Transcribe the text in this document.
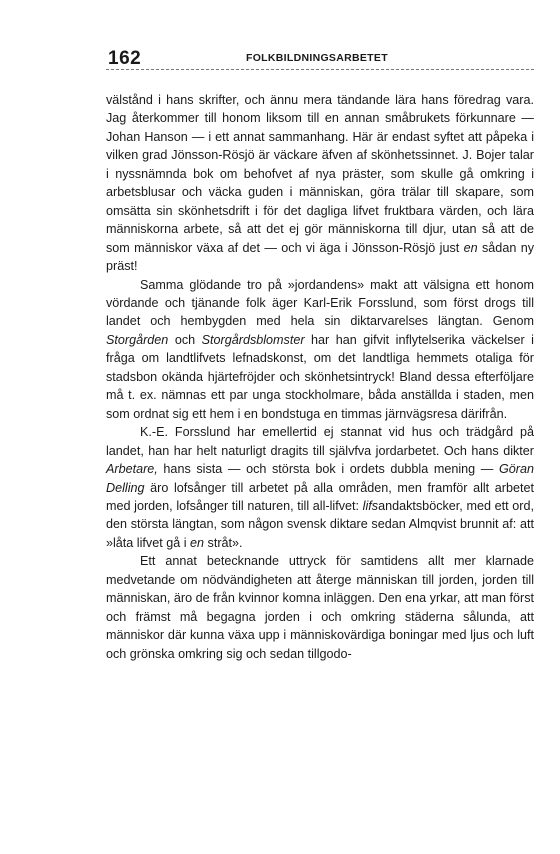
162	FOLKBILDNINGSARBETET

välstånd i hans skrifter, och ännu mera tändande lära hans föredrag vara. Jag återkommer till honom liksom till en annan småbrukets förkunnare — Johan Hanson — i ett annat sammanhang. Här är endast syftet att påpeka i vilken grad Jönsson-Rösjö är väckare äfven af skönhetssinnet. J. Bojer talar i nyssnämnda bok om behofvet af nya präster, som skulle gå omkring i arbetsblusar och väcka guden i människan, göra trälar till skapare, som omsätta sin skönhetsdrift i för det dagliga lifvet fruktbara värden, och lära människorna arbete, så att det ej gör människorna till djur, utan så att de som människor växa af det — och vi äga i Jönsson-Rösjö just en sådan ny präst!

Samma glödande tro på »jordandens» makt att välsigna ett honom vördande och tjänande folk äger Karl-Erik Forsslund, som först drogs till landet och hembygden med hela sin diktarvarelses längtan. Genom Storgården och Storgårdsblomster har han gifvit inflytelserika väckelser i fråga om landtlifvets lefnadskonst, om det landtliga hemmets otaliga för stadsbon okända hjärtefröjder och skönhetsintryck! Bland dessa efterföljare må t. ex. nämnas ett par unga stockholmare, båda anställda i staden, men som ordnat sig ett hem i en bondstuga en timmas järnvägsresa därifrån.

K.-E. Forsslund har emellertid ej stannat vid hus och trädgård på landet, han har helt naturligt dragits till självfva jordarbetet. Och hans dikter Arbetare, hans sista — och största bok i ordets dubbla mening — Göran Delling äro lofsånger till arbetet på alla områden, men framför allt arbetet med jorden, lofsånger till naturen, till all-lifvet: lifsandaktsböcker, med ett ord, den största längtan, som någon svensk diktare sedan Almqvist brunnit af: att »låta lifvet gå i en stråt».

Ett annat betecknande uttryck för samtidens allt mer klarnade medvetande om nödvändigheten att återge människan till jorden, jorden till människan, äro de från kvinnor komna inläggen. Den ena yrkar, att man först och främst må begagna jorden i och omkring städerna sålunda, att människor där kunna växa upp i människovärdiga boningar med ljus och luft och grönska omkring sig och sedan tillgodo-
